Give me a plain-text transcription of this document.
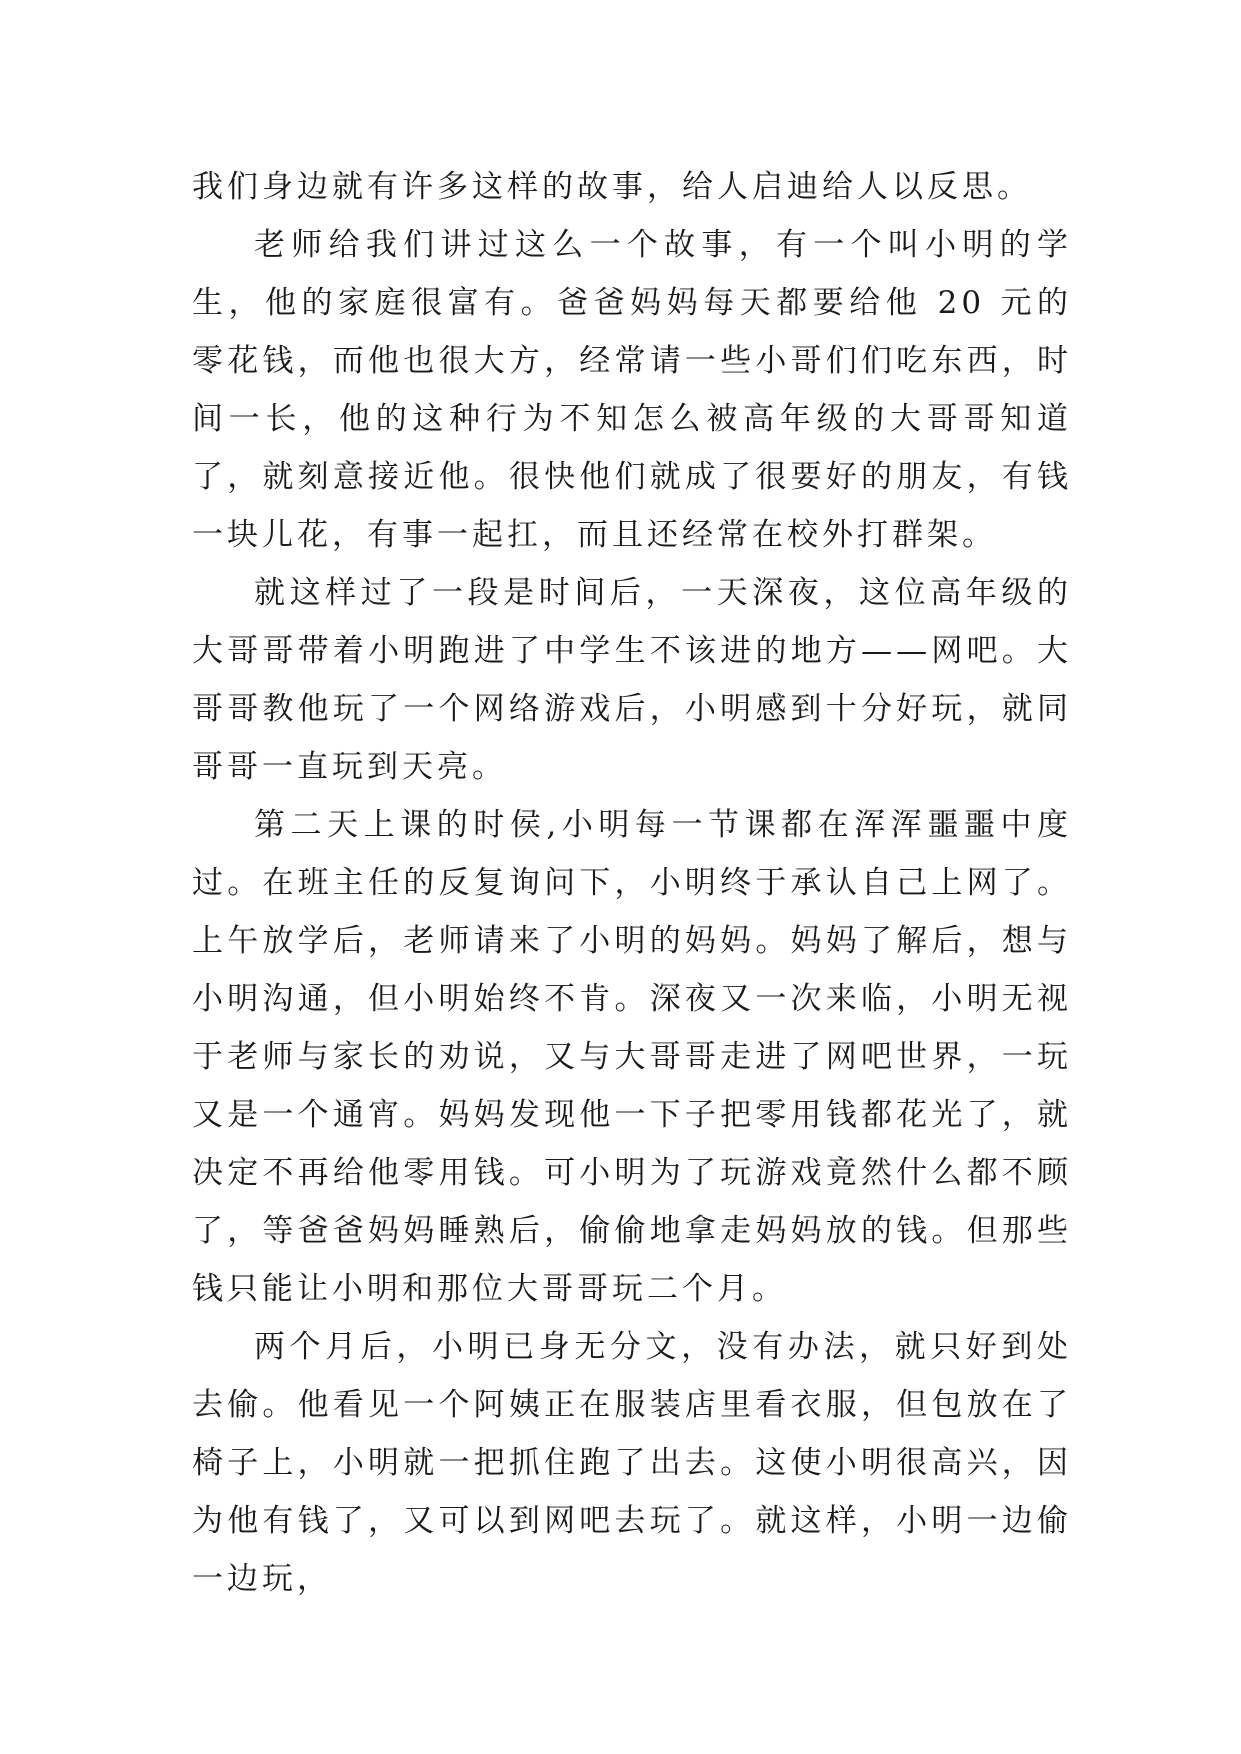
我们身边就有许多这样的故事，给人启迪给人以反思。

老师给我们讲过这么一个故事，有一个叫小明的学生，他的家庭很富有。爸爸妈妈每天都要给他 20 元的零花钱，而他也很大方，经常请一些小哥们们吃东西，时间一长，他的这种行为不知怎么被高年级的大哥哥知道了，就刻意接近他。很快他们就成了很要好的朋友，有钱一块儿花，有事一起扛，而且还经常在校外打群架。

就这样过了一段是时间后，一天深夜，这位高年级的大哥哥带着小明跑进了中学生不该进的地方——网吧。大哥哥教他玩了一个网络游戏后，小明感到十分好玩，就同哥哥一直玩到天亮。

第二天上课的时侯,小明每一节课都在浑浑噩噩中度过。在班主任的反复询问下，小明终于承认自己上网了。上午放学后，老师请来了小明的妈妈。妈妈了解后，想与小明沟通，但小明始终不肯。深夜又一次来临，小明无视于老师与家长的劝说，又与大哥哥走进了网吧世界，一玩又是一个通宵。妈妈发现他一下子把零用钱都花光了，就决定不再给他零用钱。可小明为了玩游戏竟然什么都不顾了，等爸爸妈妈睡熟后，偷偷地拿走妈妈放的钱。但那些钱只能让小明和那位大哥哥玩二个月。

两个月后，小明已身无分文，没有办法，就只好到处去偷。他看见一个阿姨正在服装店里看衣服，但包放在了椅子上，小明就一把抓住跑了出去。这使小明很高兴，因为他有钱了，又可以到网吧去玩了。就这样，小明一边偷一边玩，
